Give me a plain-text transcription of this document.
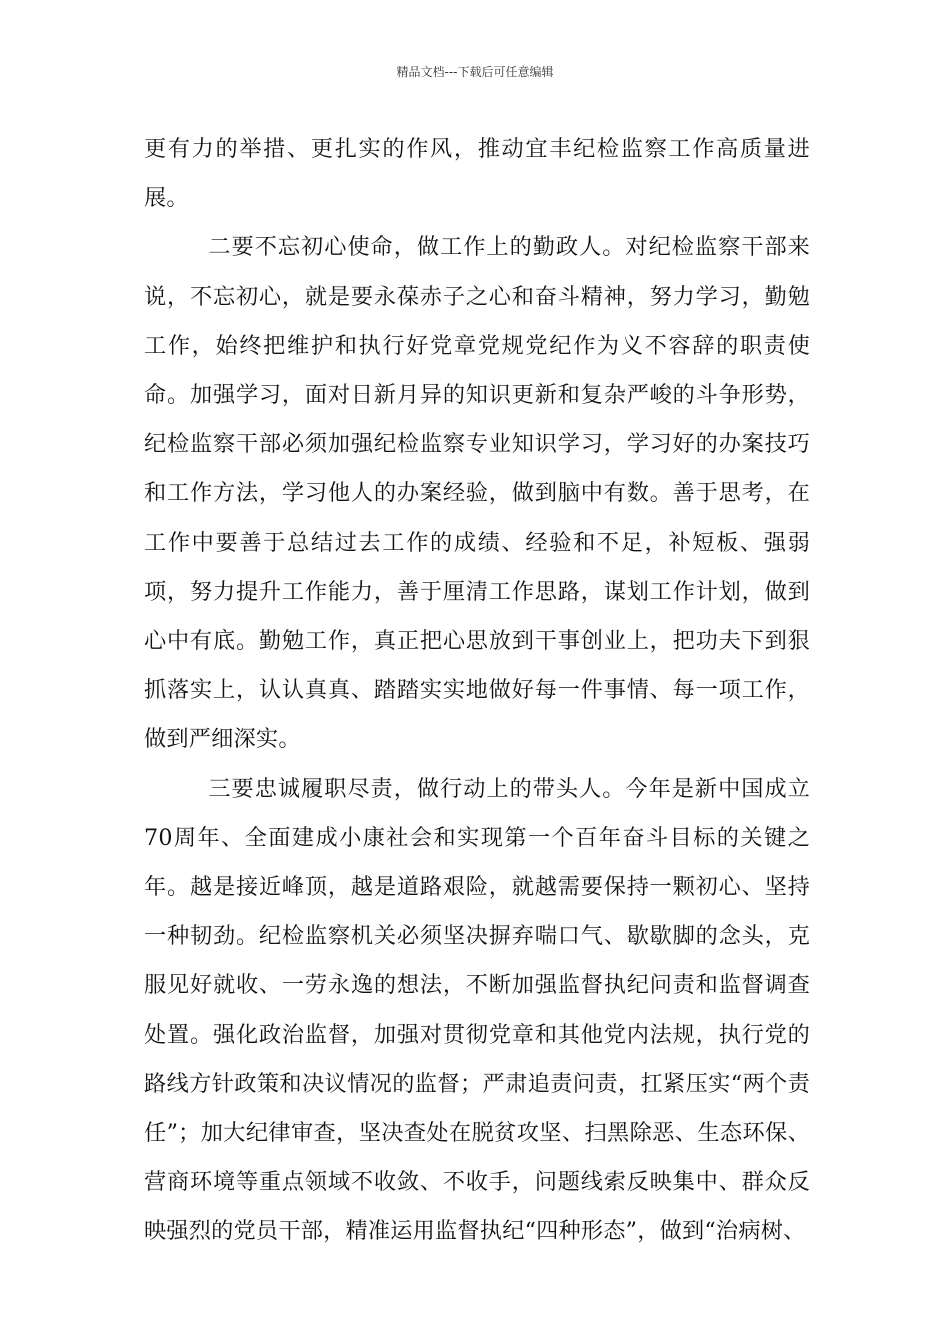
精品文档---下载后可任意编辑

更有力的举措、更扎实的作风，推动宜丰纪检监察工作高质量进展。

二要不忘初心使命，做工作上的勤政人。对纪检监察干部来说，不忘初心，就是要永葆赤子之心和奋斗精神，努力学习，勤勉工作，始终把维护和执行好党章党规党纪作为义不容辞的职责使命。加强学习，面对日新月异的知识更新和复杂严峻的斗争形势，纪检监察干部必须加强纪检监察专业知识学习，学习好的办案技巧和工作方法，学习他人的办案经验，做到脑中有数。善于思考，在工作中要善于总结过去工作的成绩、经验和不足，补短板、强弱项，努力提升工作能力，善于厘清工作思路，谋划工作计划，做到心中有底。勤勉工作，真正把心思放到干事创业上，把功夫下到狠抓落实上，认认真真、踏踏实实地做好每一件事情、每一项工作，做到严细深实。

三要忠诚履职尽责，做行动上的带头人。今年是新中国成立70周年、全面建成小康社会和实现第一个百年奋斗目标的关键之年。越是接近峰顶，越是道路艰险，就越需要保持一颗初心、坚持一种韧劲。纪检监察机关必须坚决摒弃喘口气、歇歇脚的念头，克服见好就收、一劳永逸的想法，不断加强监督执纪问责和监督调查处置。强化政治监督，加强对贯彻党章和其他党内法规，执行党的路线方针政策和决议情况的监督；严肃追责问责，扛紧压实“两个责任”；加大纪律审查，坚决查处在脱贫攻坚、扫黑除恶、生态环保、营商环境等重点领域不收敛、不收手，问题线索反映集中、群众反映强烈的党员干部，精准运用监督执纪“四种形态”，做到“治病树、
